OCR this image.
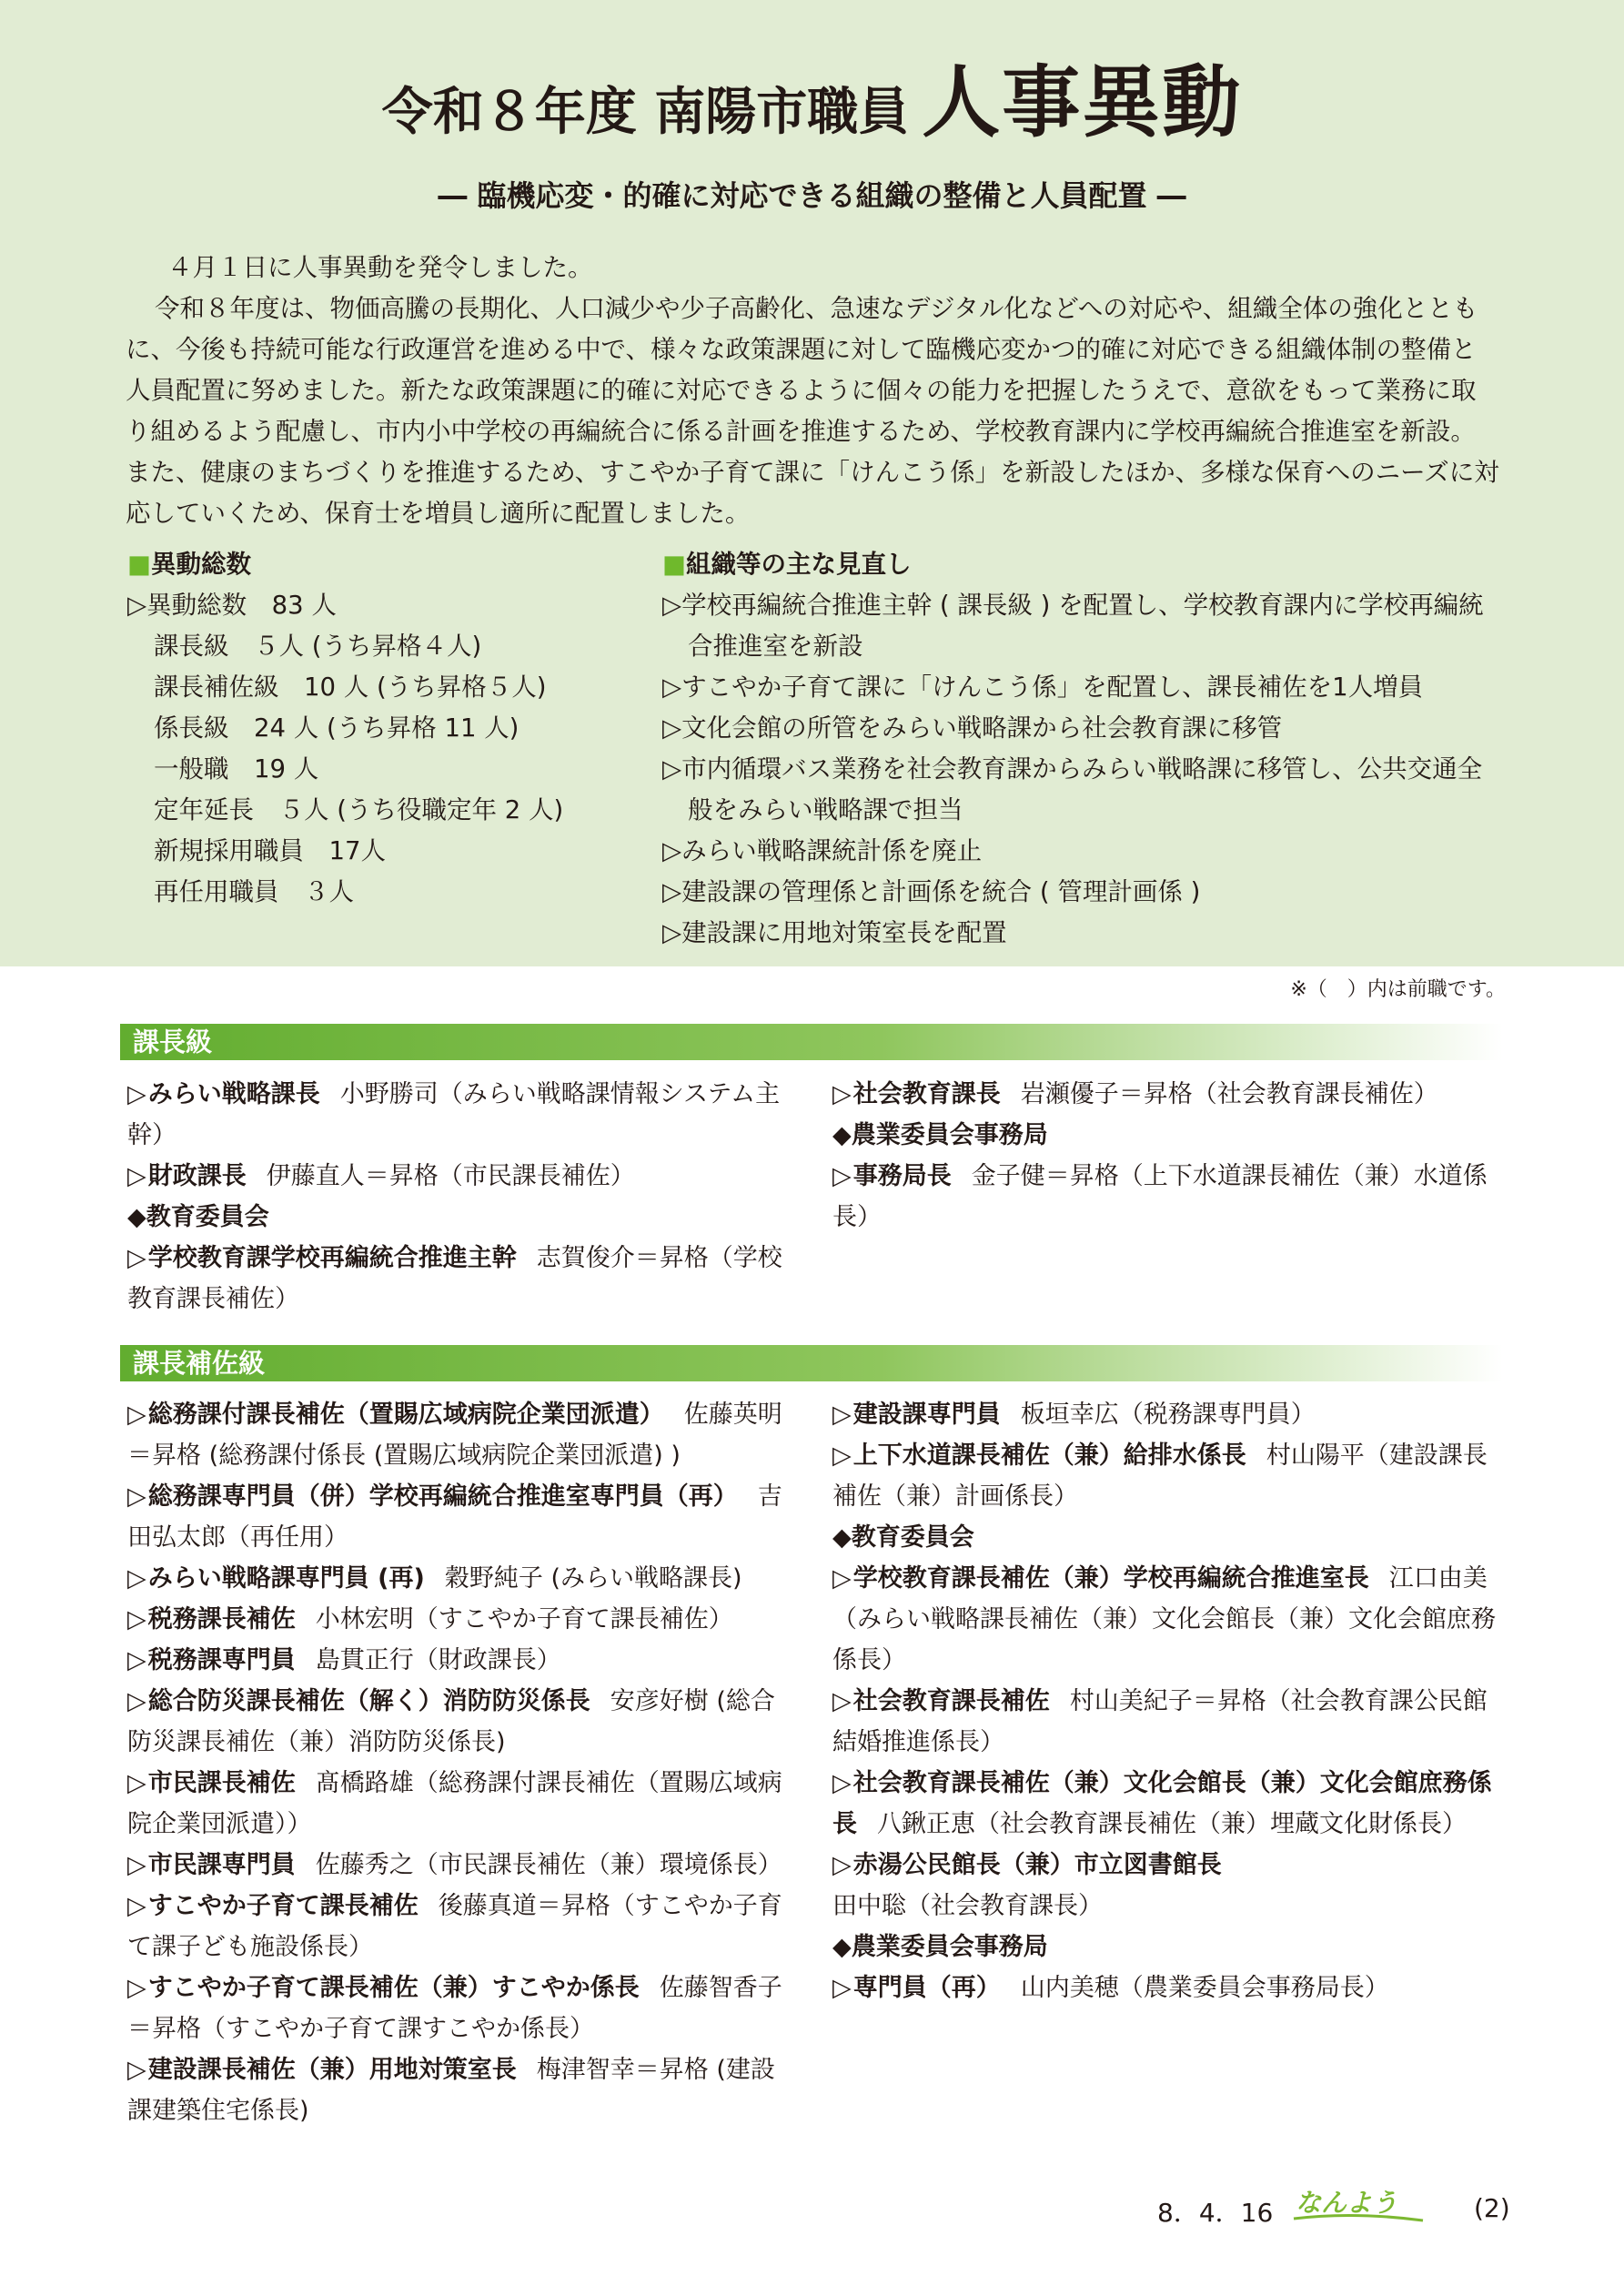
令和８年度 南陽市職員 人事異動
― 臨機応変・的確に対応できる組織の整備と人員配置 ―

４月１日に人事異動を発令しました。

令和８年度は、物価高騰の長期化、人口減少や少子高齢化、急速なデジタル化などへの対応や、組織全体の強化とともに、今後も持続可能な行政運営を進める中で、様々な政策課題に対して臨機応変かつ的確に対応できる組織体制の整備と人員配置に努めました。新たな政策課題に的確に対応できるように個々の能力を把握したうえで、意欲をもって業務に取り組めるよう配慮し、市内小中学校の再編統合に係る計画を推進するため、学校教育課内に学校再編統合推進室を新設。また、健康のまちづくりを推進するため、すこやか子育て課に「けんこう係」を新設したほか、多様な保育へのニーズに対応していくため、保育士を増員し適所に配置しました。

■異動総数
▷異動総数　83 人
課長級　５人 (うち昇格４人)
課長補佐級　10 人 (うち昇格５人)
係長級　24 人 (うち昇格 11 人)
一般職　19 人
定年延長　５人 (うち役職定年 2 人)
新規採用職員　17人
再任用職員　３人
■組織等の主な見直し
▷学校再編統合推進主幹 ( 課長級 ) を配置し、学校教育課内に学校再編統合推進室を新設
▷すこやか子育て課に「けんこう係」を配置し、課長補佐を1人増員
▷文化会館の所管をみらい戦略課から社会教育課に移管
▷市内循環バス業務を社会教育課からみらい戦略課に移管し、公共交通全般をみらい戦略課で担当
▷みらい戦略課統計係を廃止
▷建設課の管理係と計画係を統合 ( 管理計画係 )
▷建設課に用地対策室長を配置
※（　）内は前職です。
課長級
▷みらい戦略課長 小野勝司（みらい戦略課情報システム主幹）
▷財政課長 伊藤直人＝昇格（市民課長補佐）
◆教育委員会
▷学校教育課学校再編統合推進主幹 志賀俊介＝昇格（学校教育課長補佐）
▷社会教育課長 岩瀬優子＝昇格（社会教育課長補佐）
◆農業委員会事務局
▷事務局長 金子健＝昇格（上下水道課長補佐（兼）水道係長）
課長補佐級
▷総務課付課長補佐（置賜広域病院企業団派遣） 佐藤英明＝昇格 (総務課付係長 (置賜広域病院企業団派遣) )
▷総務課専門員（併）学校再編統合推進室専門員（再） 吉田弘太郎（再任用）
▷みらい戦略課専門員 (再) 穀野純子 (みらい戦略課長)
▷税務課長補佐 小林宏明（すこやか子育て課長補佐）
▷税務課専門員 島貫正行（財政課長）
▷総合防災課長補佐（解く）消防防災係長 安彦好樹 (総合防災課長補佐（兼）消防防災係長)
▷市民課長補佐 髙橋路雄（総務課付課長補佐（置賜広域病院企業団派遣））
▷市民課専門員 佐藤秀之（市民課長補佐（兼）環境係長）
▷すこやか子育て課長補佐 後藤真道＝昇格（すこやか子育て課子ども施設係長）
▷すこやか子育て課長補佐（兼）すこやか係長 佐藤智香子＝昇格（すこやか子育て課すこやか係長）
▷建設課長補佐（兼）用地対策室長 梅津智幸＝昇格 (建設課建築住宅係長)
▷建設課専門員 板垣幸広（税務課専門員）
▷上下水道課長補佐（兼）給排水係長 村山陽平（建設課長補佐（兼）計画係長）
◆教育委員会
▷学校教育課長補佐（兼）学校再編統合推進室長 江口由美（みらい戦略課長補佐（兼）文化会館長（兼）文化会館庶務係長）
▷社会教育課長補佐 村山美紀子＝昇格（社会教育課公民館結婚推進係長）
▷社会教育課長補佐（兼）文化会館長（兼）文化会館庶務係長 八鍬正恵（社会教育課長補佐（兼）埋蔵文化財係長）
▷赤湯公民館長（兼）市立図書館長田中聡（社会教育課長）
◆農業委員会事務局
▷専門員（再） 山内美穂（農業委員会事務局長）
8．4．16 なんよう	(2)
